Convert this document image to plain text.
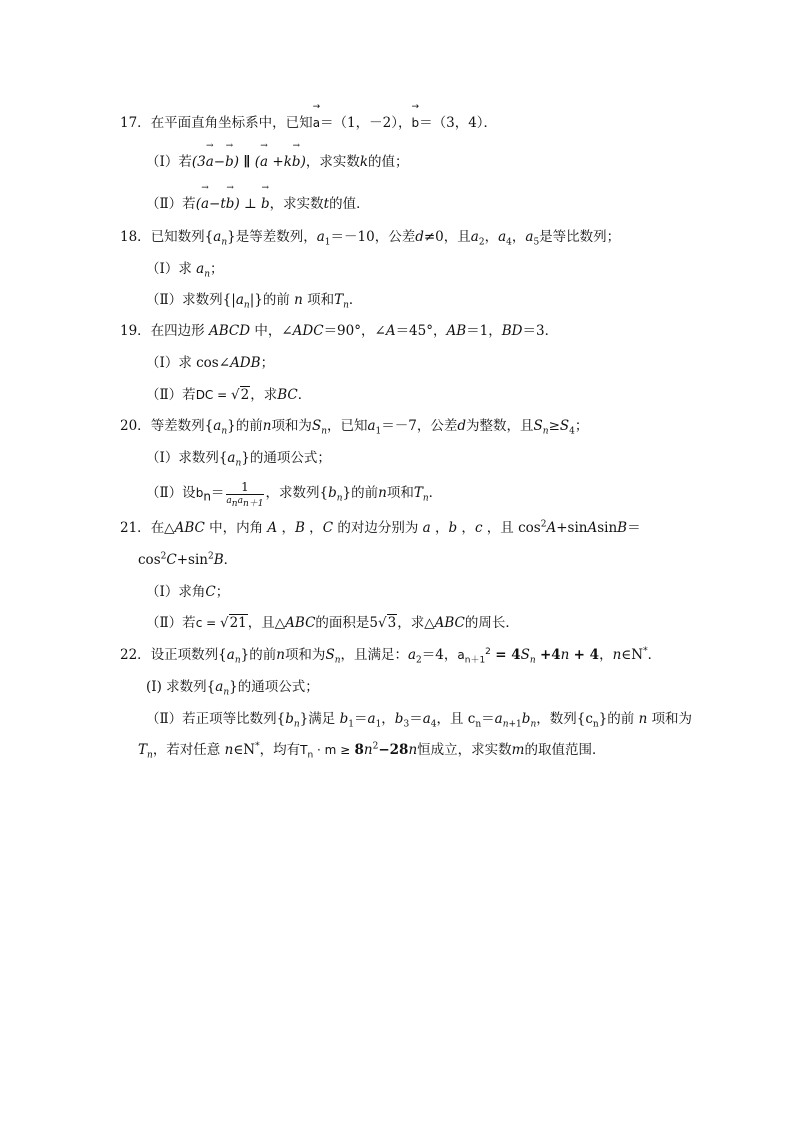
17．在平面直角坐标系中，已知→ a＝（1，－2），→ b＝（3，4）．
（Ⅰ）若(3→ a−→ b) ∥ (→ a +k→ b)，求实数k的值；
（Ⅱ）若(→ a−t→ b) ⊥ → b，求实数t的值．
18．已知数列$\{a_n\}$是等差数列，$a_1=-10$，公差d≠0，且$a_2$，$a_4$，$a_5$是等比数列；
（Ⅰ）求 $a_n$；
（Ⅱ）求数列$\{|a_n|\}$的前 n 项和$T_n$．
19．在四边形 ABCD 中，∠ADC＝90°，∠A＝45°，AB＝1，BD＝3．
（Ⅰ）求 cos∠ADB；
（Ⅱ）若DC = √2，求BC．
20．等差数列$\{a_n\}$的前n项和为$S_n$，已知$a_1=-7$，公差d为整数，且$S_n\ge S_4$；
（Ⅰ）求数列$\{a_n\}$的通项公式；
（Ⅱ）设$b_n= \frac{1}{a_na_{n+1}}$ ，求数列$\{b_n\}$的前n项和$T_n$．
21．在△ABC 中，内角 A ，B ，C 的对边分别为 a ，b ，c ，且 $\cos^2A+sinAsinB=$
$\cos^2C+\sin^2B$．
（Ⅰ）求角C；
（Ⅱ）若c = √21，且△ABC的面积是5√3，求△ABC的周长．
22．设正项数列$\{a_n\}$的前n项和为$S_n$，且满足：$a_2=4$，$a_{n+1}^2 = 4S_n +4n + 4$，n∈N*．
(Ⅰ) 求数列$\{a_n\}$的通项公式；
（Ⅱ）若正项等比数列$\{b_n\}$满足 $b_1=a_1$，$b_3=a_4$，且 $c_n=a_{n+1}b_n$，数列$\{c_n\}$的前 n 项和为
$T_n$，若对任意 n∈N*，均有$T_n \cdot m \ge 8n^2-28n$恒成立，求实数m的取值范围．
